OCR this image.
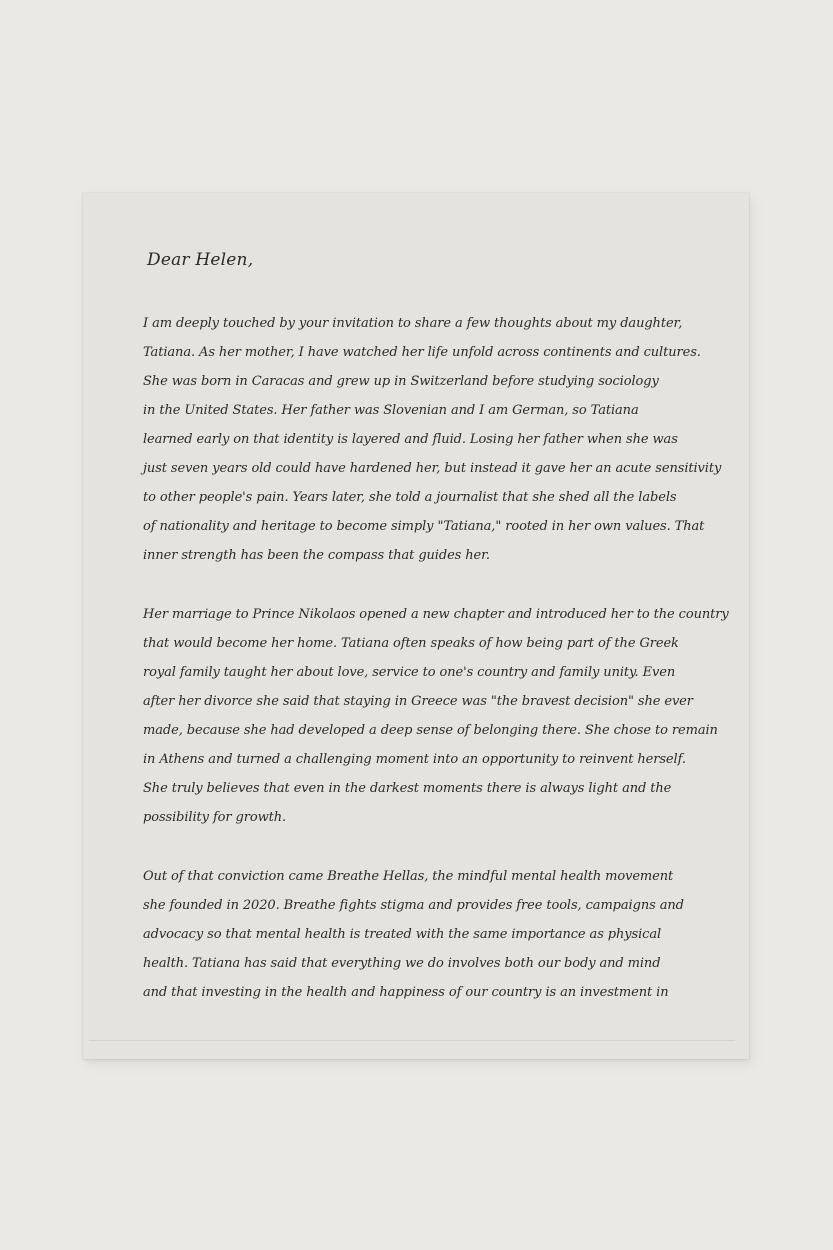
Dear Helen,

I am deeply touched by your invitation to share a few thoughts about my daughter,
Tatiana. As her mother, I have watched her life unfold across continents and cultures.
She was born in Caracas and grew up in Switzerland before studying sociology
in the United States. Her father was Slovenian and I am German, so Tatiana
learned early on that identity is layered and fluid. Losing her father when she was
just seven years old could have hardened her, but instead it gave her an acute sensitivity
to other people's pain. Years later, she told a journalist that she shed all the labels
of nationality and heritage to become simply "Tatiana," rooted in her own values. That
inner strength has been the compass that guides her.
Her marriage to Prince Nikolaos opened a new chapter and introduced her to the country
that would become her home. Tatiana often speaks of how being part of the Greek
royal family taught her about love, service to one's country and family unity. Even
after her divorce she said that staying in Greece was "the bravest decision" she ever
made, because she had developed a deep sense of belonging there. She chose to remain
in Athens and turned a challenging moment into an opportunity to reinvent herself.
She truly believes that even in the darkest moments there is always light and the
possibility for growth.
Out of that conviction came Breathe Hellas, the mindful mental health movement
she founded in 2020. Breathe fights stigma and provides free tools, campaigns and
advocacy so that mental health is treated with the same importance as physical
health. Tatiana has said that everything we do involves both our body and mind
and that investing in the health and happiness of our country is an investment in
